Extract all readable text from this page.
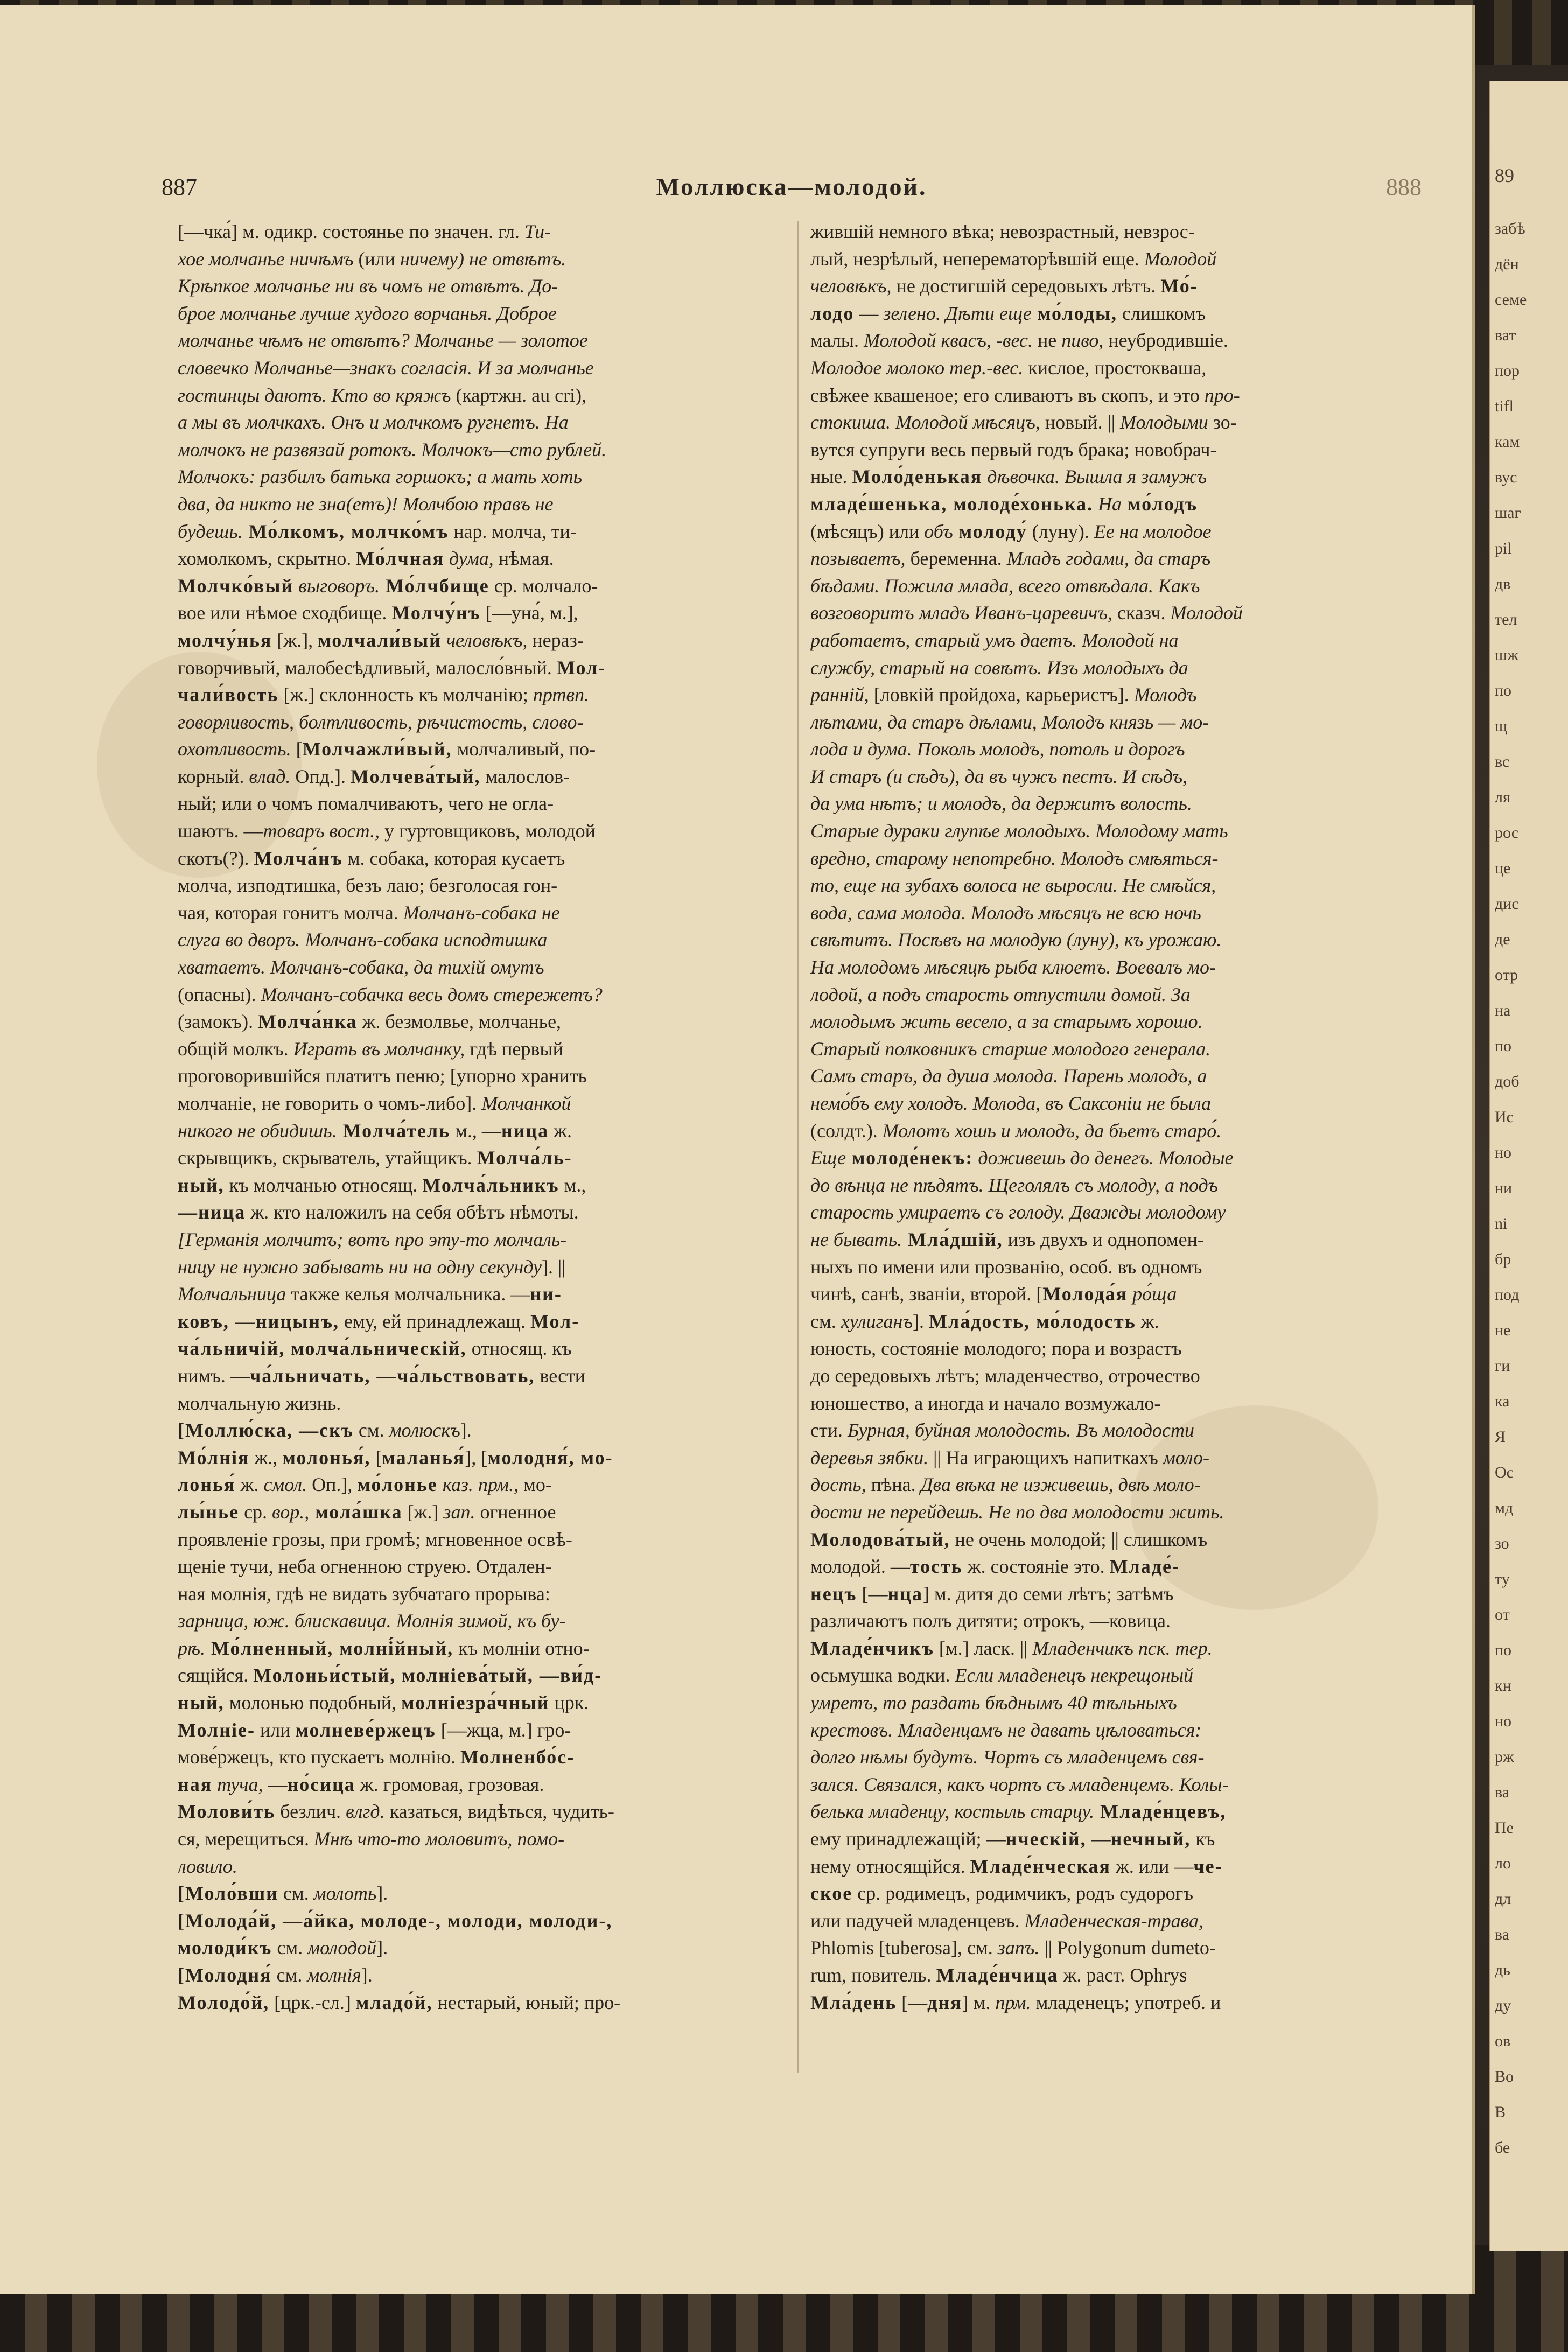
89
забѣ
дён
семе
ват
пор
tifl
кам
вус
шаг
pil
дв
тел
шж
по
щ
вс
ля
рос
це
дис
де
отр
на
по
доб
Ис
но
ни
ni
бр
под
не
ги
ка
Я
Ос
мд
зо
ту
от
по
кн
но
рж
ва
Пе
ло
дл
ва
дь
ду
ов
Во
В
бе
887	Моллюска—молодой.	888
[—чка́] м. одикр. состоянье по значен. гл. Ти-
хое молчанье ничѣмъ (или ничему) не отвѣтъ.
Крѣпкое молчанье ни въ чомъ не отвѣтъ. До-
брое молчанье лучше худого ворчанья. Доброе
молчанье чѣмъ не отвѣтъ? Молчанье — золотое
словечко Молчанье—знакъ согласія. И за молчанье
гостинцы даютъ. Кто во кряжъ (картжн. au cri),
а мы въ молчкахъ. Онъ и молчкомъ ругнетъ. На
молчокъ не развязай ротокъ. Молчокъ—сто рублей.
Молчокъ: разбилъ батька горшокъ; а мать хоть
два, да никто не зна(етъ)! Молчбою правъ не
будешь. Мо́лкомъ, молчко́мъ нар. молча, ти-
хомолкомъ, скрытно. Мо́лчная дума, нѣмая.
Молчко́вый выговоръ. Мо́лчбище ср. молчало-
вое или нѣмое сходбище. Молчу́нъ [—уна́, м.],
молчу́нья [ж.], молчали́вый человѣкъ, нераз-
говорчивый, малобесѣдливый, малосло́вный. Мол-
чали́вость [ж.] склонность къ молчанію; пртвп.
говорливость, болтливость, рѣчистость, слово-
охотливость. [Молчажли́вый, молчаливый, по-
корный. влад. Опд.]. Молчева́тый, малослов-
ный; или о чомъ помалчиваютъ, чего не огла-
шаютъ. —товаръ вост., у гуртовщиковъ, молодой
скотъ(?). Молча́нъ м. собака, которая кусаетъ
молча, изподтишка, безъ лаю; безголосая гон-
чая, которая гонитъ молча. Молчанъ-собака не
слуга во дворъ. Молчанъ-собака исподтишка
хватаетъ. Молчанъ-собака, да тихій омутъ
(опасны). Молчанъ-собачка весь домъ стережетъ?
(замокъ). Молча́нка ж. безмолвье, молчанье,
общій молкъ. Играть въ молчанку, гдѣ первый
проговорившійся платитъ пеню; [упорно хранить
молчаніе, не говорить о чомъ-либо]. Молчанкой
никого не обидишь. Молча́тель м., —ница ж.
скрывщикъ, скрыватель, утайщикъ. Молча́ль-
ный, къ молчанью относящ. Молча́льникъ м.,
—ница ж. кто наложилъ на себя обѣтъ нѣмоты.
[Германія молчитъ; вотъ про эту-то молчаль-
ницу не нужно забывать ни на одну секунду]. ||
Молчальница также келья молчальника. —ни-
ковъ, —ницынъ, ему, ей принадлежащ. Мол-
ча́льничій, молча́льническій, относящ. къ
нимъ. —ча́льничать, —ча́льствовать, вести
молчальную жизнь.
[Моллю́ска, —скъ см. молюскъ].
Мо́лнія ж., молонья́, [маланья́], [молодня́, мо-
лонья́ ж. смол. Оп.], мо́лонье каз. прм., мо-
лы́нье ср. вор., мола́шка [ж.] зап. огненное
проявленіе грозы, при громѣ; мгновенное освѣ-
щеніе тучи, неба огненною струею. Отдален-
ная молнія, гдѣ не видать зубчатаго прорыва:
зарница, юж. блискавица. Молнія зимой, къ бу-
рѣ. Мо́лненный, молні́йный, къ молніи отно-
сящійся. Молоньи́стый, молніева́тый, —ви́д-
ный, молонью подобный, молніезра́чный црк.
Молніе- или молневе́ржецъ [—жца, м.] гро-
мове́ржецъ, кто пускаетъ молнію. Молненбо́с-
ная туча, —но́сица ж. громовая, грозовая.
Молови́ть безлич. влгд. казаться, видѣться, чудить-
ся, мерещиться. Мнѣ что-то моловитъ, помо-
ловило.
[Моло́вши см. молоть].
[Молода́й, —а́йка, молоде-, молоди, молоди-,
молоди́къ см. молодой].
[Молодня́ см. молнія].
Молодо́й, [црк.-сл.] младо́й, нестарый, юный; про-
жившій немного вѣка; невозрастный, невзрос-
лый, незрѣлый, неперематорѣвшій еще. Молодой
человѣкъ, не достигшій середовыхъ лѣтъ. Мо́-
лодо — зелено. Дѣти еще мо́лоды, слишкомъ
малы. Молодой квасъ, -вес. не пиво, неубродившіе.
Молодое молоко тер.-вес. кислое, простокваша,
свѣжее квашеное; его сливаютъ въ скопъ, и это про-
стокиша. Молодой мѣсяцъ, новый. || Молодыми зо-
вутся супруги весь первый годъ брака; новобрач-
ные. Моло́денькая дѣвочка. Вышла я замужъ
младе́шенька, молоде́хонька. На мо́лодъ
(мѣсяцъ) или объ молоду́ (луну). Ее на молодое
позываетъ, беременна. Младъ годами, да старъ
бѣдами. Пожила млада, всего отвѣдала. Какъ
возговоритъ младъ Иванъ-царевичъ, сказч. Молодой
работаетъ, старый умъ даетъ. Молодой на
службу, старый на совѣтъ. Изъ молодыхъ да
ранній, [ловкій пройдоха, карьеристъ]. Молодъ
лѣтами, да старъ дѣлами, Молодъ князь — мо-
лода и дума. Поколь молодъ, потоль и дорогъ
И старъ (и сѣдъ), да въ чужъ пестъ. И сѣдъ,
да ума нѣтъ; и молодъ, да держитъ волость.
Старые дураки глупѣе молодыхъ. Молодому мать
вредно, старому непотребно. Молодъ смѣяться-
то, еще на зубахъ волоса не выросли. Не смѣйся,
вода, сама молода. Молодъ мѣсяцъ не всю ночь
свѣтитъ. Посѣвъ на молодую (луну), къ урожаю.
На молодомъ мѣсяцѣ рыба клюетъ. Воевалъ мо-
лодой, а подъ старость отпустили домой. За
молодымъ жить весело, а за старымъ хорошо.
Старый полковникъ старше молодого генерала.
Самъ старъ, да душа молода. Парень молодъ, а
немо́бъ ему холодъ. Молода, въ Саксоніи не была
(солдт.). Молотъ хошь и молодъ, да бьетъ старо́.
Еще молоде́некъ: доживешь до денегъ. Молодые
до вѣнца не пѣдятъ. Щеголялъ съ молоду, а подъ
старость умираетъ съ голоду. Дважды молодому
не бывать. Мла́дшій, изъ двухъ и однопомен-
ныхъ по имени или прозванію, особ. въ одномъ
чинѣ, санѣ, званіи, второй. [Молода́я ро́ща
см. хулиганъ]. Мла́дость, мо́лодость ж.
юность, состояніе молодого; пора и возрастъ
до середовыхъ лѣтъ; младенчество, отрочество
юношество, а иногда и начало возмужало-
сти. Бурная, буйная молодость. Въ молодости
деревья зябки. || На играющихъ напиткахъ моло-
дость, пѣна. Два вѣка не изживешь, двѣ моло-
дости не перейдешь. Не по два молодости жить.
Молодова́тый, не очень молодой; || слишкомъ
молодой. —тость ж. состояніе это. Младе́-
нецъ [—нца] м. дитя до семи лѣтъ; затѣмъ
различаютъ полъ дитяти; отрокъ, —ковица.
Младе́нчикъ [м.] ласк. || Младенчикъ пск. тер.
осьмушка водки. Если младенецъ некрещоный
умретъ, то раздать бѣднымъ 40 тѣльныхъ
крестовъ. Младенцамъ не давать цѣловаться:
долго нѣмы будутъ. Чортъ съ младенцемъ свя-
зался. Связался, какъ чортъ съ младенцемъ. Колы-
белька младенцу, костыль старцу. Младе́нцевъ,
ему принадлежащій; —нческій, —нечный, къ
нему относящійся. Младе́нческая ж. или —че-
ское ср. родимецъ, родимчикъ, родъ судорогъ
или падучей младенцевъ. Младенческая-трава,
Phlomis [tuberosa], см. запъ. || Polygonum dumeto-
rum, повитель. Младе́нчица ж. раст. Ophrys
Мла́день [—дня] м. прм. младенецъ; употреб. и
